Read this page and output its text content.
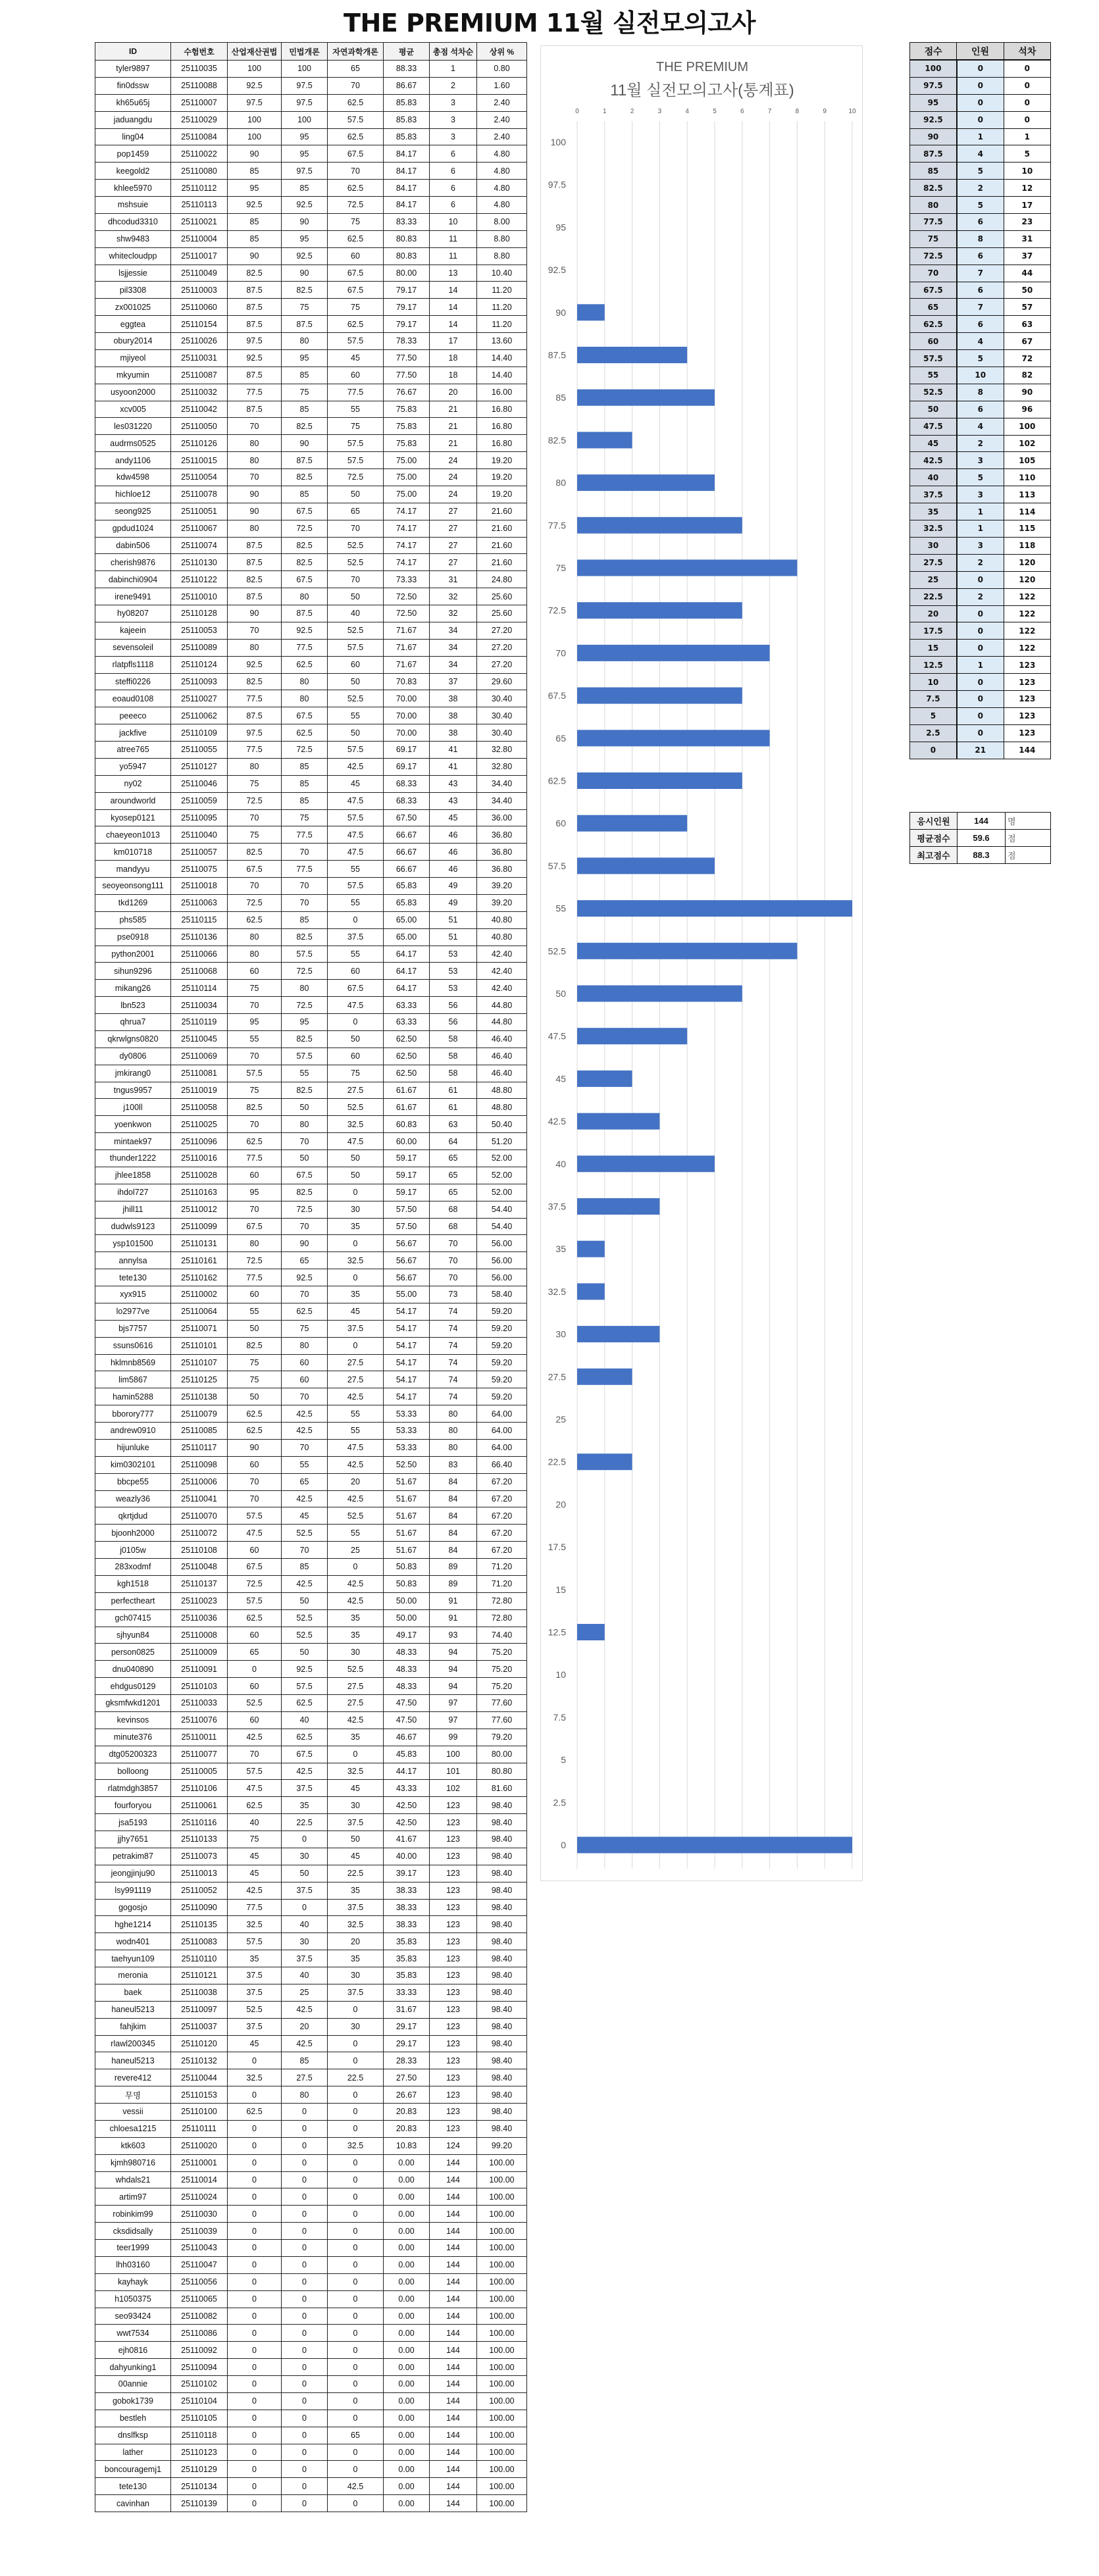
THE PREMIUM 11월 실전모의고사
ID	수험번호	산업재산권법	민법개론	자연과학개론	평균	총점 석차순	상위 %
tyler9897	25110035	100	100	65	88.33	1	0.80
fin0dssw	25110088	92.5	97.5	70	86.67	2	1.60
kh65u65j	25110007	97.5	97.5	62.5	85.83	3	2.40
jaduangdu	25110029	100	100	57.5	85.83	3	2.40
ling04	25110084	100	95	62.5	85.83	3	2.40
pop1459	25110022	90	95	67.5	84.17	6	4.80
keegold2	25110080	85	97.5	70	84.17	6	4.80
khlee5970	25110112	95	85	62.5	84.17	6	4.80
mshsuie	25110113	92.5	92.5	72.5	84.17	6	4.80
dhcodud3310	25110021	85	90	75	83.33	10	8.00
shw9483	25110004	85	95	62.5	80.83	11	8.80
whitecloudpp	25110017	90	92.5	60	80.83	11	8.80
lsjjessie	25110049	82.5	90	67.5	80.00	13	10.40
pil3308	25110003	87.5	82.5	67.5	79.17	14	11.20
zx001025	25110060	87.5	75	75	79.17	14	11.20
eggtea	25110154	87.5	87.5	62.5	79.17	14	11.20
obury2014	25110026	97.5	80	57.5	78.33	17	13.60
mjiyeol	25110031	92.5	95	45	77.50	18	14.40
mkyumin	25110087	87.5	85	60	77.50	18	14.40
usyoon2000	25110032	77.5	75	77.5	76.67	20	16.00
xcv005	25110042	87.5	85	55	75.83	21	16.80
les031220	25110050	70	82.5	75	75.83	21	16.80
audrms0525	25110126	80	90	57.5	75.83	21	16.80
andy1106	25110015	80	87.5	57.5	75.00	24	19.20
kdw4598	25110054	70	82.5	72.5	75.00	24	19.20
hichloe12	25110078	90	85	50	75.00	24	19.20
seong925	25110051	90	67.5	65	74.17	27	21.60
gpdud1024	25110067	80	72.5	70	74.17	27	21.60
dabin506	25110074	87.5	82.5	52.5	74.17	27	21.60
cherish9876	25110130	87.5	82.5	52.5	74.17	27	21.60
dabinchi0904	25110122	82.5	67.5	70	73.33	31	24.80
irene9491	25110010	87.5	80	50	72.50	32	25.60
hy08207	25110128	90	87.5	40	72.50	32	25.60
kajeein	25110053	70	92.5	52.5	71.67	34	27.20
sevensoleil	25110089	80	77.5	57.5	71.67	34	27.20
rlatpfls1118	25110124	92.5	62.5	60	71.67	34	27.20
steffi0226	25110093	82.5	80	50	70.83	37	29.60
eoaud0108	25110027	77.5	80	52.5	70.00	38	30.40
peeeco	25110062	87.5	67.5	55	70.00	38	30.40
jackfive	25110109	97.5	62.5	50	70.00	38	30.40
atree765	25110055	77.5	72.5	57.5	69.17	41	32.80
yo5947	25110127	80	85	42.5	69.17	41	32.80
ny02	25110046	75	85	45	68.33	43	34.40
aroundworld	25110059	72.5	85	47.5	68.33	43	34.40
kyosep0121	25110095	70	75	57.5	67.50	45	36.00
chaeyeon1013	25110040	75	77.5	47.5	66.67	46	36.80
km010718	25110057	82.5	70	47.5	66.67	46	36.80
mandyyu	25110075	67.5	77.5	55	66.67	46	36.80
seoyeonsong111	25110018	70	70	57.5	65.83	49	39.20
tkd1269	25110063	72.5	70	55	65.83	49	39.20
phs585	25110115	62.5	85	0	65.00	51	40.80
pse0918	25110136	80	82.5	37.5	65.00	51	40.80
python2001	25110066	80	57.5	55	64.17	53	42.40
sihun9296	25110068	60	72.5	60	64.17	53	42.40
mikang26	25110114	75	80	67.5	64.17	53	42.40
lbn523	25110034	70	72.5	47.5	63.33	56	44.80
qhrua7	25110119	95	95	0	63.33	56	44.80
qkrwlgns0820	25110045	55	82.5	50	62.50	58	46.40
dy0806	25110069	70	57.5	60	62.50	58	46.40
jmkirang0	25110081	57.5	55	75	62.50	58	46.40
tngus9957	25110019	75	82.5	27.5	61.67	61	48.80
j100ll	25110058	82.5	50	52.5	61.67	61	48.80
yoenkwon	25110025	70	80	32.5	60.83	63	50.40
mintaek97	25110096	62.5	70	47.5	60.00	64	51.20
thunder1222	25110016	77.5	50	50	59.17	65	52.00
jhlee1858	25110028	60	67.5	50	59.17	65	52.00
ihdol727	25110163	95	82.5	0	59.17	65	52.00
jhill11	25110012	70	72.5	30	57.50	68	54.40
dudwls9123	25110099	67.5	70	35	57.50	68	54.40
ysp101500	25110131	80	90	0	56.67	70	56.00
annylsa	25110161	72.5	65	32.5	56.67	70	56.00
tete130	25110162	77.5	92.5	0	56.67	70	56.00
xyx915	25110002	60	70	35	55.00	73	58.40
lo2977ve	25110064	55	62.5	45	54.17	74	59.20
bjs7757	25110071	50	75	37.5	54.17	74	59.20
ssuns0616	25110101	82.5	80	0	54.17	74	59.20
hklmnb8569	25110107	75	60	27.5	54.17	74	59.20
lim5867	25110125	75	60	27.5	54.17	74	59.20
hamin5288	25110138	50	70	42.5	54.17	74	59.20
bborory777	25110079	62.5	42.5	55	53.33	80	64.00
andrew0910	25110085	62.5	42.5	55	53.33	80	64.00
hijunluke	25110117	90	70	47.5	53.33	80	64.00
kim0302101	25110098	60	55	42.5	52.50	83	66.40
bbcpe55	25110006	70	65	20	51.67	84	67.20
weazly36	25110041	70	42.5	42.5	51.67	84	67.20
qkrtjdud	25110070	57.5	45	52.5	51.67	84	67.20
bjoonh2000	25110072	47.5	52.5	55	51.67	84	67.20
j0105w	25110108	60	70	25	51.67	84	67.20
283xodmf	25110048	67.5	85	0	50.83	89	71.20
kgh1518	25110137	72.5	42.5	42.5	50.83	89	71.20
perfectheart	25110023	57.5	50	42.5	50.00	91	72.80
gch07415	25110036	62.5	52.5	35	50.00	91	72.80
sjhyun84	25110008	60	52.5	35	49.17	93	74.40
person0825	25110009	65	50	30	48.33	94	75.20
dnu040890	25110091	0	92.5	52.5	48.33	94	75.20
ehdgus0129	25110103	60	57.5	27.5	48.33	94	75.20
gksmfwkd1201	25110033	52.5	62.5	27.5	47.50	97	77.60
kevinsos	25110076	60	40	42.5	47.50	97	77.60
minute376	25110011	42.5	62.5	35	46.67	99	79.20
dtg05200323	25110077	70	67.5	0	45.83	100	80.00
bolloong	25110005	57.5	42.5	32.5	44.17	101	80.80
rlatmdgh3857	25110106	47.5	37.5	45	43.33	102	81.60
fourforyou	25110061	62.5	35	30	42.50	123	98.40
jsa5193	25110116	40	22.5	37.5	42.50	123	98.40
jjhy7651	25110133	75	0	50	41.67	123	98.40
petrakim87	25110073	45	30	45	40.00	123	98.40
jeongjinju90	25110013	45	50	22.5	39.17	123	98.40
lsy991119	25110052	42.5	37.5	35	38.33	123	98.40
gogosjo	25110090	77.5	0	37.5	38.33	123	98.40
hghe1214	25110135	32.5	40	32.5	38.33	123	98.40
wodn401	25110083	57.5	30	20	35.83	123	98.40
taehyun109	25110110	35	37.5	35	35.83	123	98.40
meronia	25110121	37.5	40	30	35.83	123	98.40
baek	25110038	37.5	25	37.5	33.33	123	98.40
haneul5213	25110097	52.5	42.5	0	31.67	123	98.40
fahjkim	25110037	37.5	20	30	29.17	123	98.40
rlawl200345	25110120	45	42.5	0	29.17	123	98.40
haneul5213	25110132	0	85	0	28.33	123	98.40
revere412	25110044	32.5	27.5	22.5	27.50	123	98.40
무명	25110153	0	80	0	26.67	123	98.40
vessii	25110100	62.5	0	0	20.83	123	98.40
chloesa1215	25110111	0	0	0	20.83	123	98.40
ktk603	25110020	0	0	32.5	10.83	124	99.20
kjmh980716	25110001	0	0	0	0.00	144	100.00
whdals21	25110014	0	0	0	0.00	144	100.00
artim97	25110024	0	0	0	0.00	144	100.00
robinkim99	25110030	0	0	0	0.00	144	100.00
cksdidsally	25110039	0	0	0	0.00	144	100.00
teer1999	25110043	0	0	0	0.00	144	100.00
lhh03160	25110047	0	0	0	0.00	144	100.00
kayhayk	25110056	0	0	0	0.00	144	100.00
h1050375	25110065	0	0	0	0.00	144	100.00
seo93424	25110082	0	0	0	0.00	144	100.00
wwt7534	25110086	0	0	0	0.00	144	100.00
ejh0816	25110092	0	0	0	0.00	144	100.00
dahyunking1	25110094	0	0	0	0.00	144	100.00
00annie	25110102	0	0	0	0.00	144	100.00
gobok1739	25110104	0	0	0	0.00	144	100.00
bestleh	25110105	0	0	0	0.00	144	100.00
dnslfksp	25110118	0	0	65	0.00	144	100.00
lather	25110123	0	0	0	0.00	144	100.00
boncouragemj1	25110129	0	0	0	0.00	144	100.00
tete130	25110134	0	0	42.5	0.00	144	100.00
cavinhan	25110139	0	0	0	0.00	144	100.00
THE PREMIUM
11월 실전모의고사(통계표)
0	1	2	3	4	5	6	7	8	9	10
100
97.5
95
92.5
90
87.5
85
82.5
80
77.5
75
72.5
70
67.5
65
62.5
60
57.5
55
52.5
50
47.5
45
42.5
40
37.5
35
32.5
30
27.5
25
22.5
20
17.5
15
12.5
10
7.5
5
2.5
0
점수	인원	석차
100	0	0
97.5	0	0
95	0	0
92.5	0	0
90	1	1
87.5	4	5
85	5	10
82.5	2	12
80	5	17
77.5	6	23
75	8	31
72.5	6	37
70	7	44
67.5	6	50
65	7	57
62.5	6	63
60	4	67
57.5	5	72
55	10	82
52.5	8	90
50	6	96
47.5	4	100
45	2	102
42.5	3	105
40	5	110
37.5	3	113
35	1	114
32.5	1	115
30	3	118
27.5	2	120
25	0	120
22.5	2	122
20	0	122
17.5	0	122
15	0	122
12.5	1	123
10	0	123
7.5	0	123
5	0	123
2.5	0	123
0	21	144
응시인원	144	명
평균점수	59.6	점
최고점수	88.3	점
